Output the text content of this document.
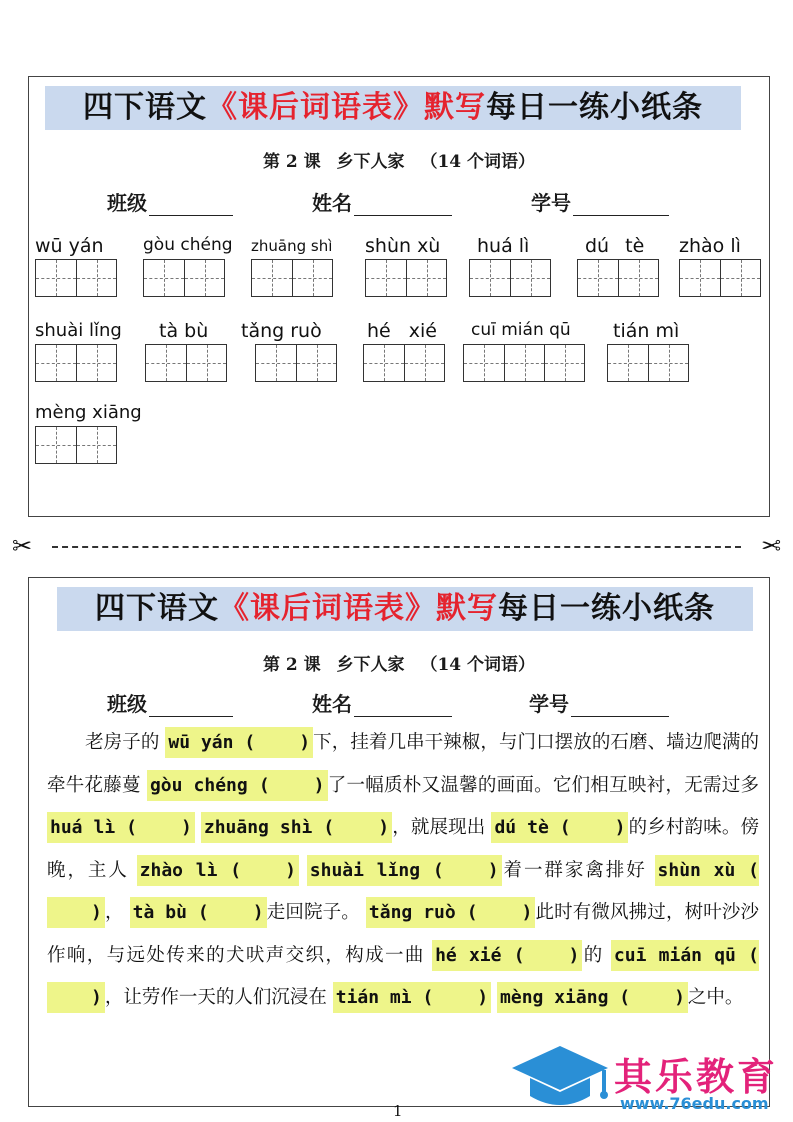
四下语文《课后词语表》默写每日一练小纸条
第 2 课 乡下人家 （14 个词语）
班级	姓名	学号
wū yán gòu chéng zhuāng shì shùn xù huá lì	dú tè zhào lì
shuài lǐng tà bù tǎng ruò hé xié cuī mián qū tián mì
mèng xiāng
✂	✂
四下语文《课后词语表》默写每日一练小纸条
第 2 课 乡下人家 （14 个词语）
班级	姓名	学号
老房子的 wū yán ( ) 下，挂着几串干辣椒，与门口摆放的石磨、墙边爬满的牵牛花藤蔓 gòu chéng ( ) 了一幅质朴又温馨的画面。它们相互映衬，无需过多 huá lì ( ) zhuāng shì ( ) ，就展现出 dú tè ( ) 的乡村韵味。傍晚，主人 zhào lì ( ) shuài lǐng ( ) 着一群家禽排好 shùn xù () ， tà bù ( ) 走回院子。 tǎng ruò ( ) 此时有微风拂过，树叶沙沙作响，与远处传来的犬吠声交织，构成一曲 hé xié ( ) 的 cuī mián qū () ，让劳作一天的人们沉浸在 tián mì ( ) mèng xiāng ( ) 之中。
1
其乐教育
www.76edu.com
